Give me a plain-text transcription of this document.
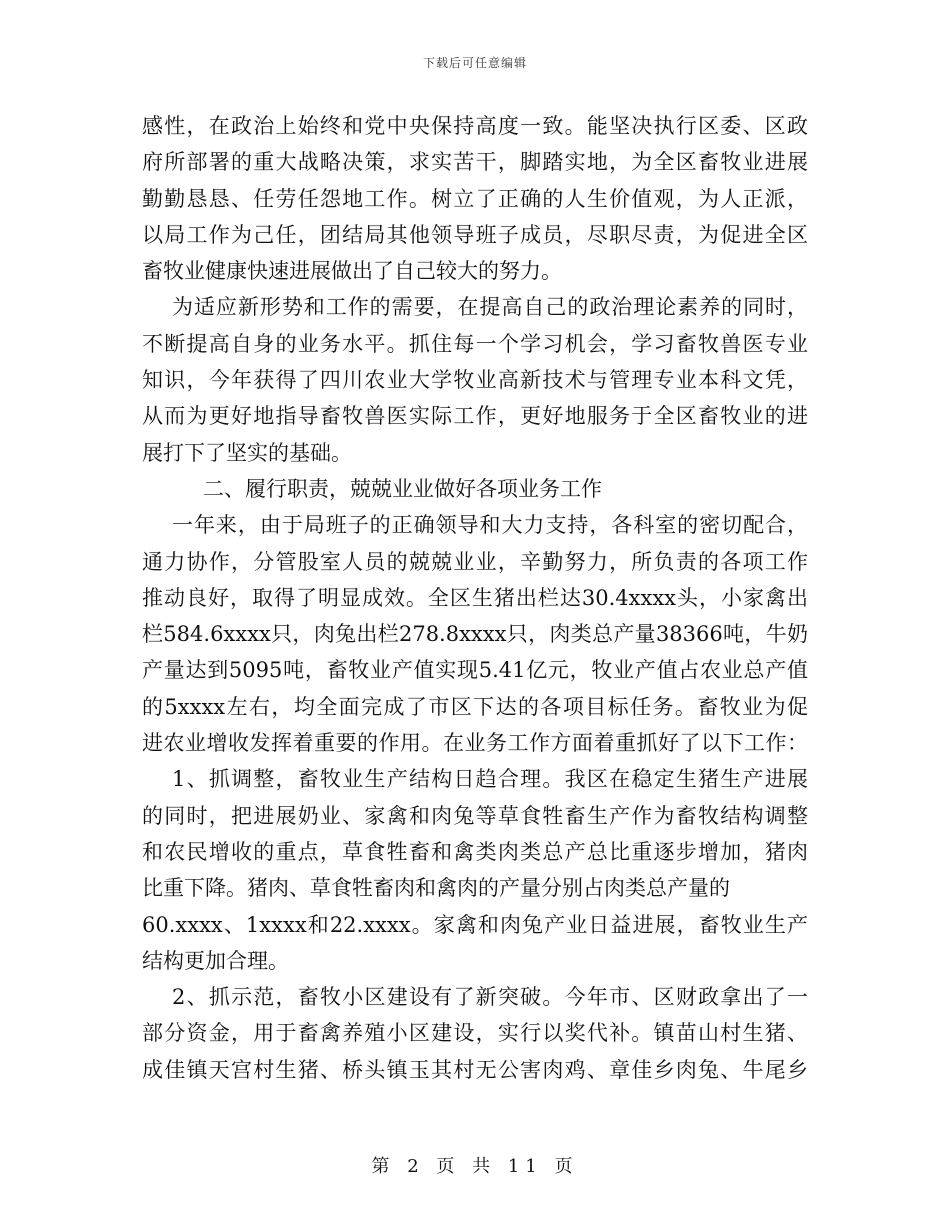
下载后可任意编辑
感性，在政治上始终和党中央保持高度一致。能坚决执行区委、区政
府所部署的重大战略决策，求实苦干，脚踏实地，为全区畜牧业进展
勤勤恳恳、任劳任怨地工作。树立了正确的人生价值观，为人正派，
以局工作为己任，团结局其他领导班子成员，尽职尽责，为促进全区
畜牧业健康快速进展做出了自己较大的努力。
为适应新形势和工作的需要，在提高自己的政治理论素养的同时，
不断提高自身的业务水平。抓住每一个学习机会，学习畜牧兽医专业
知识，今年获得了四川农业大学牧业高新技术与管理专业本科文凭，
从而为更好地指导畜牧兽医实际工作，更好地服务于全区畜牧业的进
展打下了坚实的基础。
二、履行职责，兢兢业业做好各项业务工作
一年来，由于局班子的正确领导和大力支持，各科室的密切配合，
通力协作，分管股室人员的兢兢业业，辛勤努力，所负责的各项工作
推动良好，取得了明显成效。全区生猪出栏达30.4xxxx头，小家禽出
栏584.6xxxx只，肉兔出栏278.8xxxx只，肉类总产量38366吨，牛奶
产量达到5095吨，畜牧业产值实现5.41亿元，牧业产值占农业总产值
的5xxxx左右，均全面完成了市区下达的各项目标任务。畜牧业为促
进农业增收发挥着重要的作用。在业务工作方面着重抓好了以下工作：
1、抓调整，畜牧业生产结构日趋合理。我区在稳定生猪生产进展
的同时，把进展奶业、家禽和肉兔等草食牲畜生产作为畜牧结构调整
和农民增收的重点，草食牲畜和禽类肉类总产总比重逐步增加，猪肉
比重下降。猪肉、草食牲畜肉和禽肉的产量分别占肉类总产量的
60.xxxx、1xxxx和22.xxxx。家禽和肉兔产业日益进展，畜牧业生产
结构更加合理。
2、抓示范，畜牧小区建设有了新突破。今年市、区财政拿出了一
部分资金，用于畜禽养殖小区建设，实行以奖代补。镇苗山村生猪、
成佳镇天宫村生猪、桥头镇玉其村无公害肉鸡、章佳乡肉兔、牛尾乡
第 2 页 共 11 页
